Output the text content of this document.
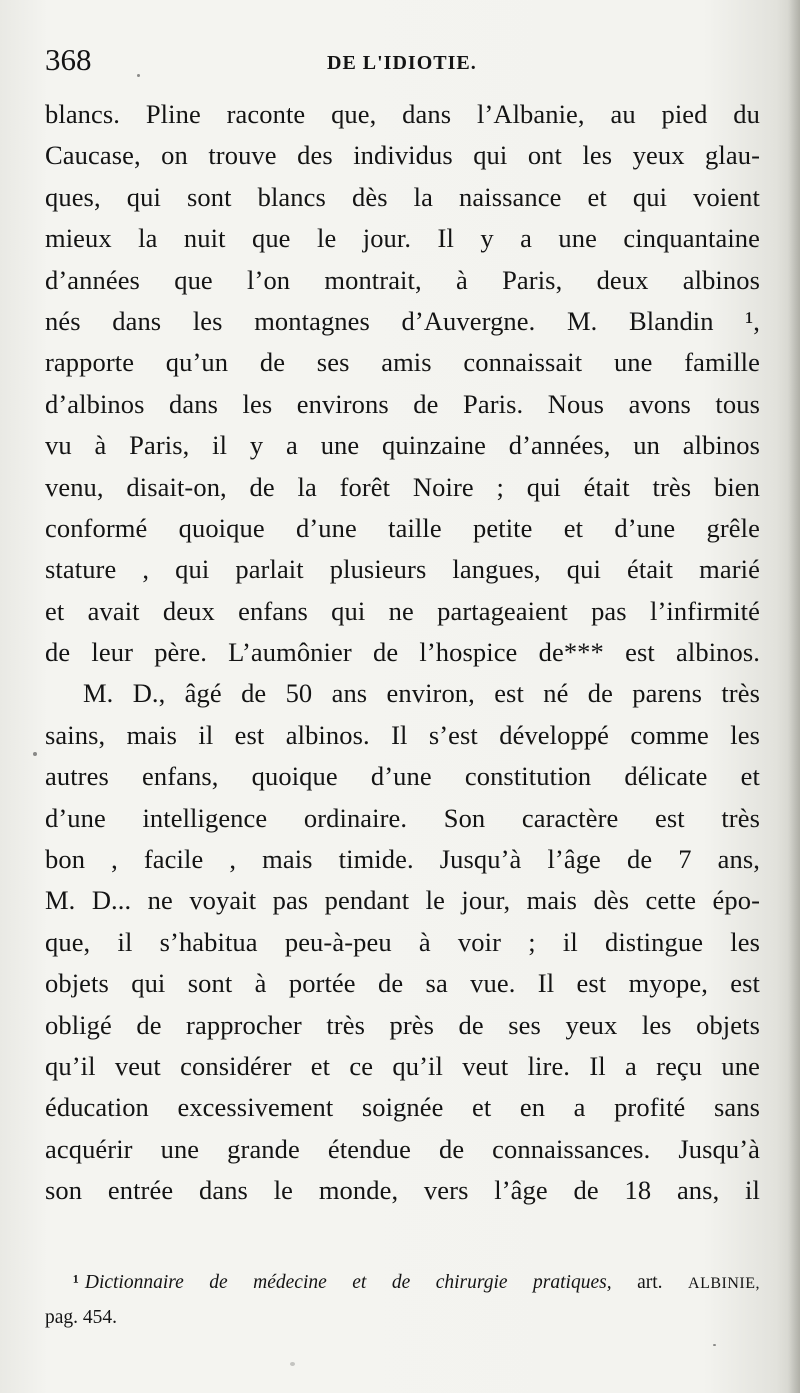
368	DE L'IDIOTIE.
blancs. Pline raconte que, dans l’Albanie, au pied du
Caucase, on trouve des individus qui ont les yeux glau-
ques, qui sont blancs dès la naissance et qui voient
mieux la nuit que le jour. Il y a une cinquantaine
d’années que l’on montrait, à Paris, deux albinos
nés dans les montagnes d’Auvergne. M. Blandin ¹,
rapporte qu’un de ses amis connaissait une famille
d’albinos dans les environs de Paris. Nous avons tous
vu à Paris, il y a une quinzaine d’années, un albinos
venu, disait-on, de la forêt Noire ; qui était très bien
conformé quoique d’une taille petite et d’une grêle
stature , qui parlait plusieurs langues, qui était marié
et avait deux enfans qui ne partageaient pas l’infirmité
de leur père. L’aumônier de l’hospice de*** est albinos.
M. D., âgé de 50 ans environ, est né de parens très
sains, mais il est albinos. Il s’est développé comme les
autres enfans, quoique d’une constitution délicate et
d’une intelligence ordinaire. Son caractère est très
bon , facile , mais timide. Jusqu’à l’âge de 7 ans,
M. D... ne voyait pas pendant le jour, mais dès cette épo-
que, il s’habitua peu-à-peu à voir ; il distingue les
objets qui sont à portée de sa vue. Il est myope, est
obligé de rapprocher très près de ses yeux les objets
qu’il veut considérer et ce qu’il veut lire. Il a reçu une
éducation excessivement soignée et en a profité sans
acquérir une grande étendue de connaissances. Jusqu’à
son entrée dans le monde, vers l’âge de 18 ans, il
¹ Dictionnaire de médecine et de chirurgie pratiques, art. ALBINIE,
pag. 454.
